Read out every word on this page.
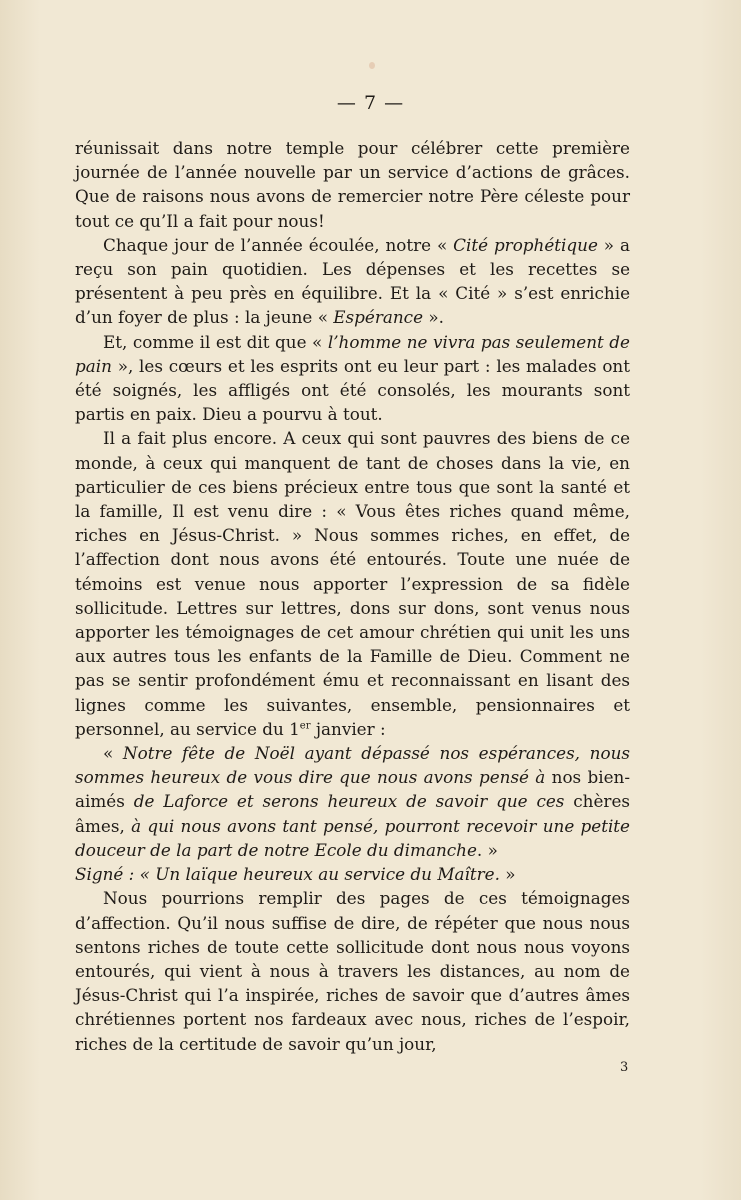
— 7 —

réunissait dans notre temple pour célébrer cette première journée de l’année nouvelle par un service d’actions de grâces. Que de raisons nous avons de remercier notre Père céleste pour tout ce qu’Il a fait pour nous!

Chaque jour de l’année écoulée, notre « Cité prophétique » a reçu son pain quotidien. Les dépenses et les recettes se présentent à peu près en équilibre. Et la « Cité » s’est enrichie d’un foyer de plus : la jeune « Espérance ».

Et, comme il est dit que « l’homme ne vivra pas seulement de pain », les cœurs et les esprits ont eu leur part : les malades ont été soignés, les affligés ont été consolés, les mourants sont partis en paix. Dieu a pourvu à tout.

Il a fait plus encore. A ceux qui sont pauvres des biens de ce monde, à ceux qui manquent de tant de choses dans la vie, en particulier de ces biens précieux entre tous que sont la santé et la famille, Il est venu dire : « Vous êtes riches quand même, riches en Jésus-Christ. » Nous sommes riches, en effet, de l’affection dont nous avons été entourés. Toute une nuée de témoins est venue nous apporter l’expression de sa fidèle sollicitude. Lettres sur lettres, dons sur dons, sont venus nous apporter les témoignages de cet amour chrétien qui unit les uns aux autres tous les enfants de la Famille de Dieu. Comment ne pas se sentir profondément ému et reconnaissant en lisant des lignes comme les suivantes, ensemble, pensionnaires et personnel, au service du 1er janvier :

« Notre fête de Noël ayant dépassé nos espérances, nous sommes heureux de vous dire que nous avons pensé à nos bien-aimés de Laforce et serons heureux de savoir que ces chères âmes, à qui nous avons tant pensé, pourront recevoir une petite douceur de la part de notre Ecole du dimanche. »

Signé : « Un laïque heureux au service du Maître. »

Nous pourrions remplir des pages de ces témoignages d’affection. Qu’il nous suffise de dire, de répéter que nous nous sentons riches de toute cette sollicitude dont nous nous voyons entourés, qui vient à nous à travers les distances, au nom de Jésus-Christ qui l’a inspirée, riches de savoir que d’autres âmes chrétiennes portent nos fardeaux avec nous, riches de l’espoir, riches de la certitude de savoir qu’un jour,

3
